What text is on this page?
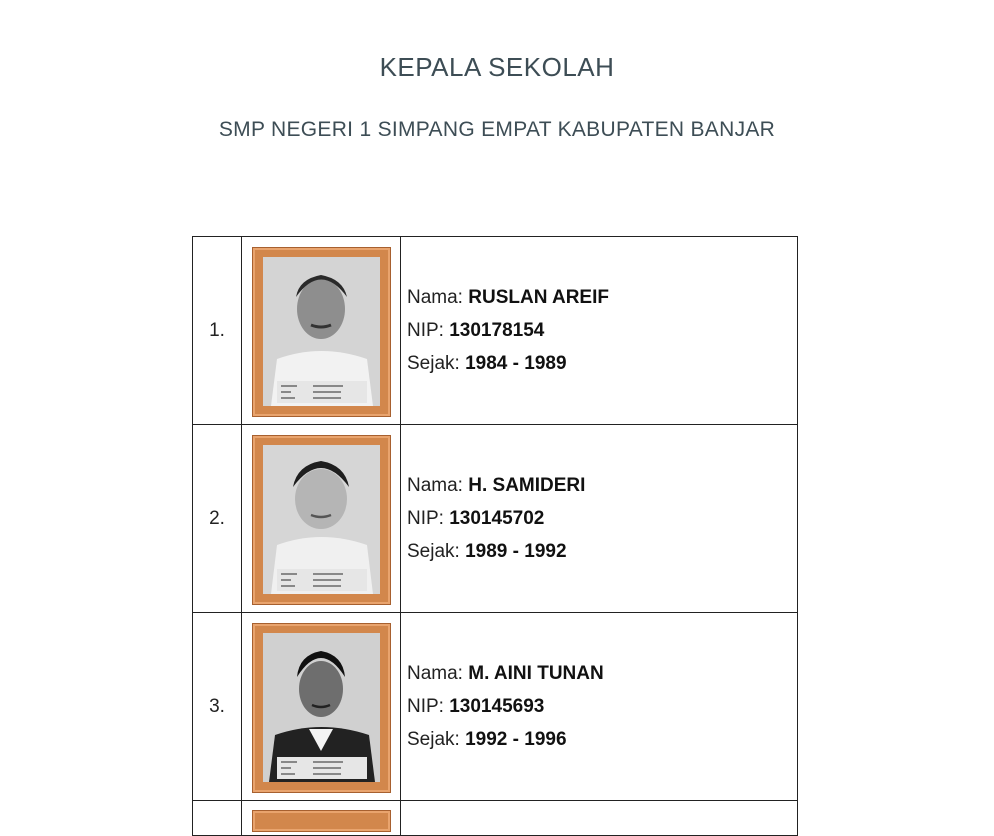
KEPALA SEKOLAH
SMP NEGERI 1 SIMPANG EMPAT KABUPATEN BANJAR
1.		Nama: RUSLAN AREIF
NIP: 130178154
Sejak: 1984 - 1989

2.		Nama: H. SAMIDERI
NIP: 130145702
Sejak: 1989 - 1992

3.		Nama: M. AINI TUNAN
NIP: 130145693
Sejak: 1992 - 1996
